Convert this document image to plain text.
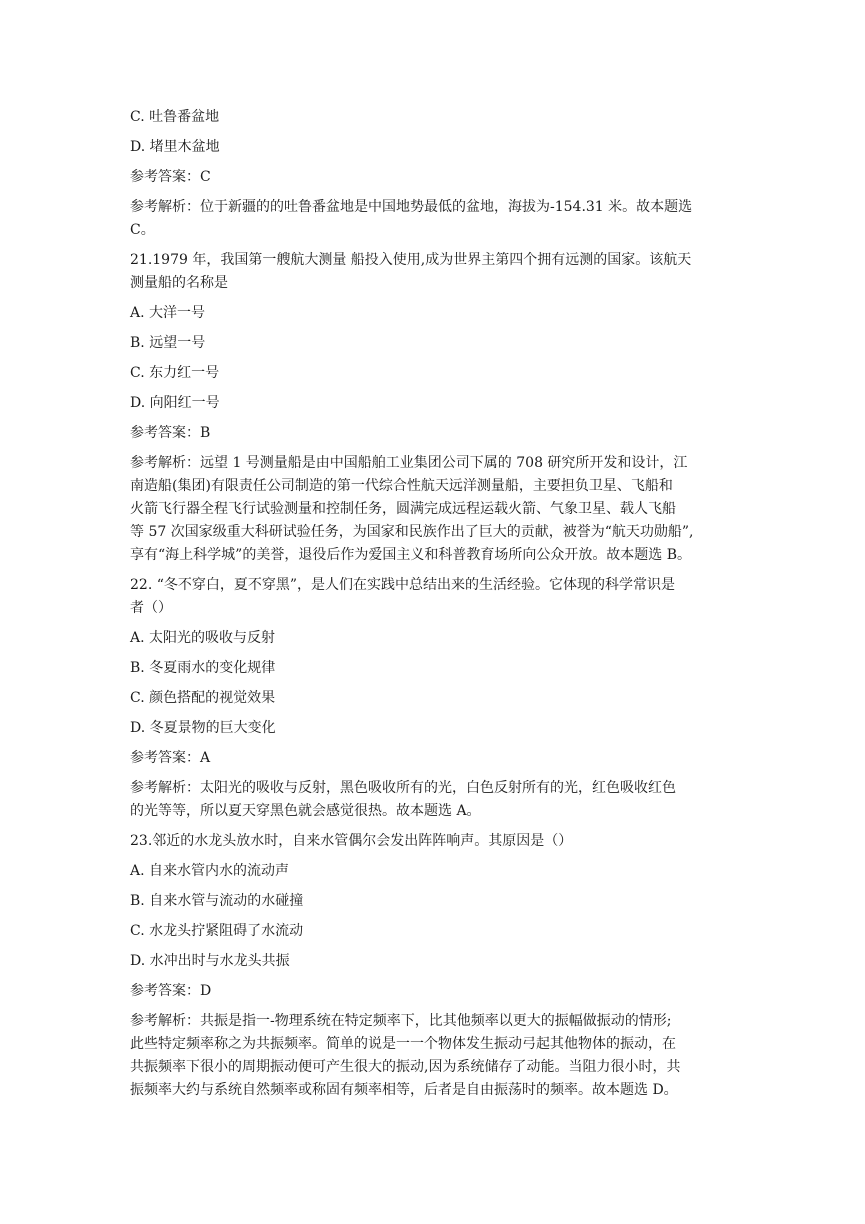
C. 吐鲁番盆地

D. 堵里木盆地

参考答案：C

参考解析：位于新疆的的吐鲁番盆地是中国地势最低的盆地，海拔为-154.31 米。故本题选
C。
21.1979 年，我国第一艘航大测量 船投入使用,成为世界主第四个拥有远测的国家。该航天
测量船的名称是

A. 大洋一号

B. 远望一号

C. 东力红一号

D. 向阳红一号

参考答案：B

参考解析：远望 1 号测量船是由中国船舶工业集团公司下属的 708 研究所开发和设计，江
南造船(集团)有限责任公司制造的第一代综合性航天远洋测量船，主要担负卫星、飞船和
火箭飞行器全程飞行试验测量和控制任务，圆满完成远程运载火箭、气象卫星、载人飞船
等 57 次国家级重大科研试验任务，为国家和民族作出了巨大的贡献，被誉为“航天功勋船”,
享有“海上科学城”的美誉，退役后作为爱国主义和科普教育场所向公众开放。故本题选 B。
22. “冬不穿白，夏不穿黑”，是人们在实践中总结出来的生活经验。它体现的科学常识是
者（）

A. 太阳光的吸收与反射

B. 冬夏雨水的变化规律

C. 颜色搭配的视觉效果

D. 冬夏景物的巨大变化

参考答案：A

参考解析：太阳光的吸收与反射，黑色吸收所有的光，白色反射所有的光，红色吸收红色
的光等等，所以夏天穿黑色就会感觉很热。故本题选 A。
23.邻近的水龙头放水时，自来水管偶尔会发出阵阵响声。其原因是（）

A. 自来水管内水的流动声

B. 自来水管与流动的水碰撞

C. 水龙头拧紧阻碍了水流动

D. 水冲出时与水龙头共振

参考答案：D

参考解析：共振是指一-物理系统在特定频率下，比其他频率以更大的振幅做振动的情形;
此些特定频率称之为共振频率。简单的说是一一个物体发生振动弓起其他物体的振动，在
共振频率下很小的周期振动便可产生很大的振动,因为系统储存了动能。当阻力很小时，共
振频率大约与系统自然频率或称固有频率相等，后者是自由振荡时的频率。故本题选 D。
